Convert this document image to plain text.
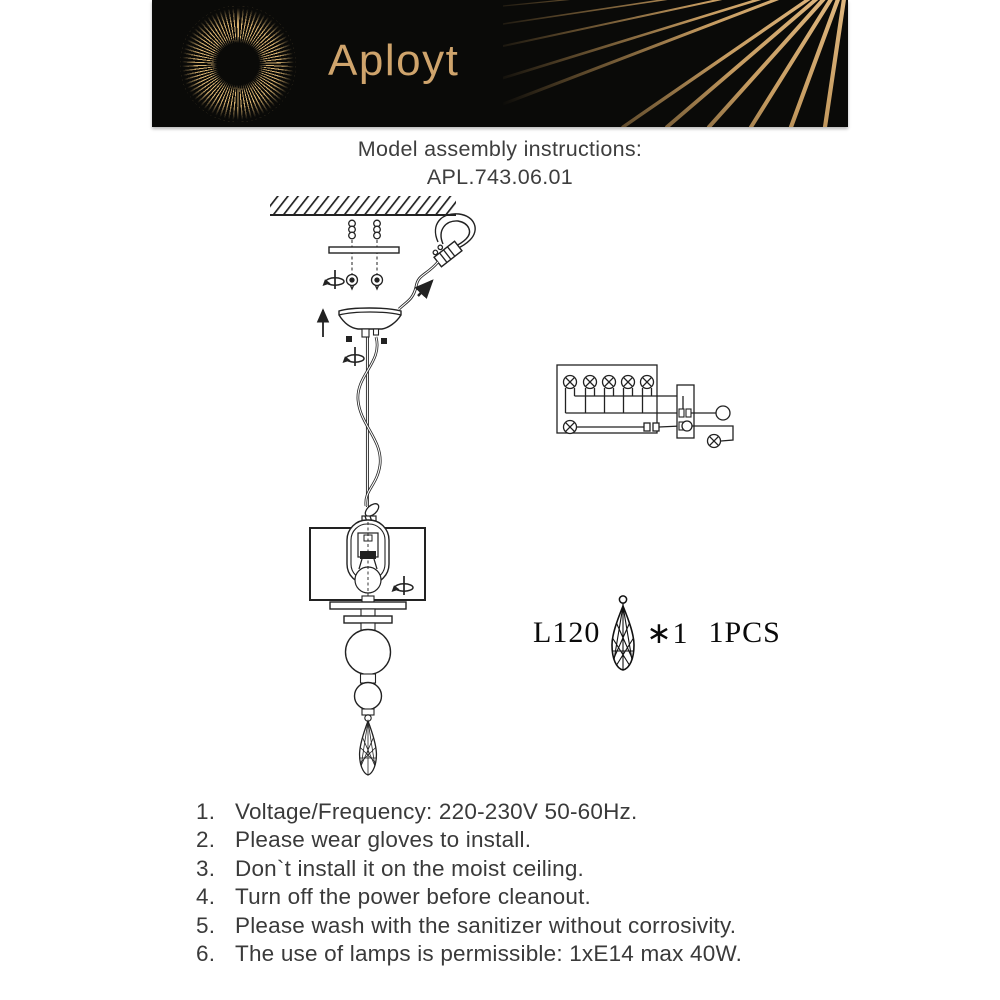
Aployt
Model assembly instructions:
APL.743.06.01
L120 ∗1 1PCS
1. Voltage/Frequency: 220-230V 50-60Hz.
2. Please wear gloves to install.
3. Don`t install it on the moist ceiling.
4. Turn off the power before cleanout.
5. Please wash with the sanitizer without corrosivity.
6. The use of lamps is permissible: 1xE14 max 40W.
